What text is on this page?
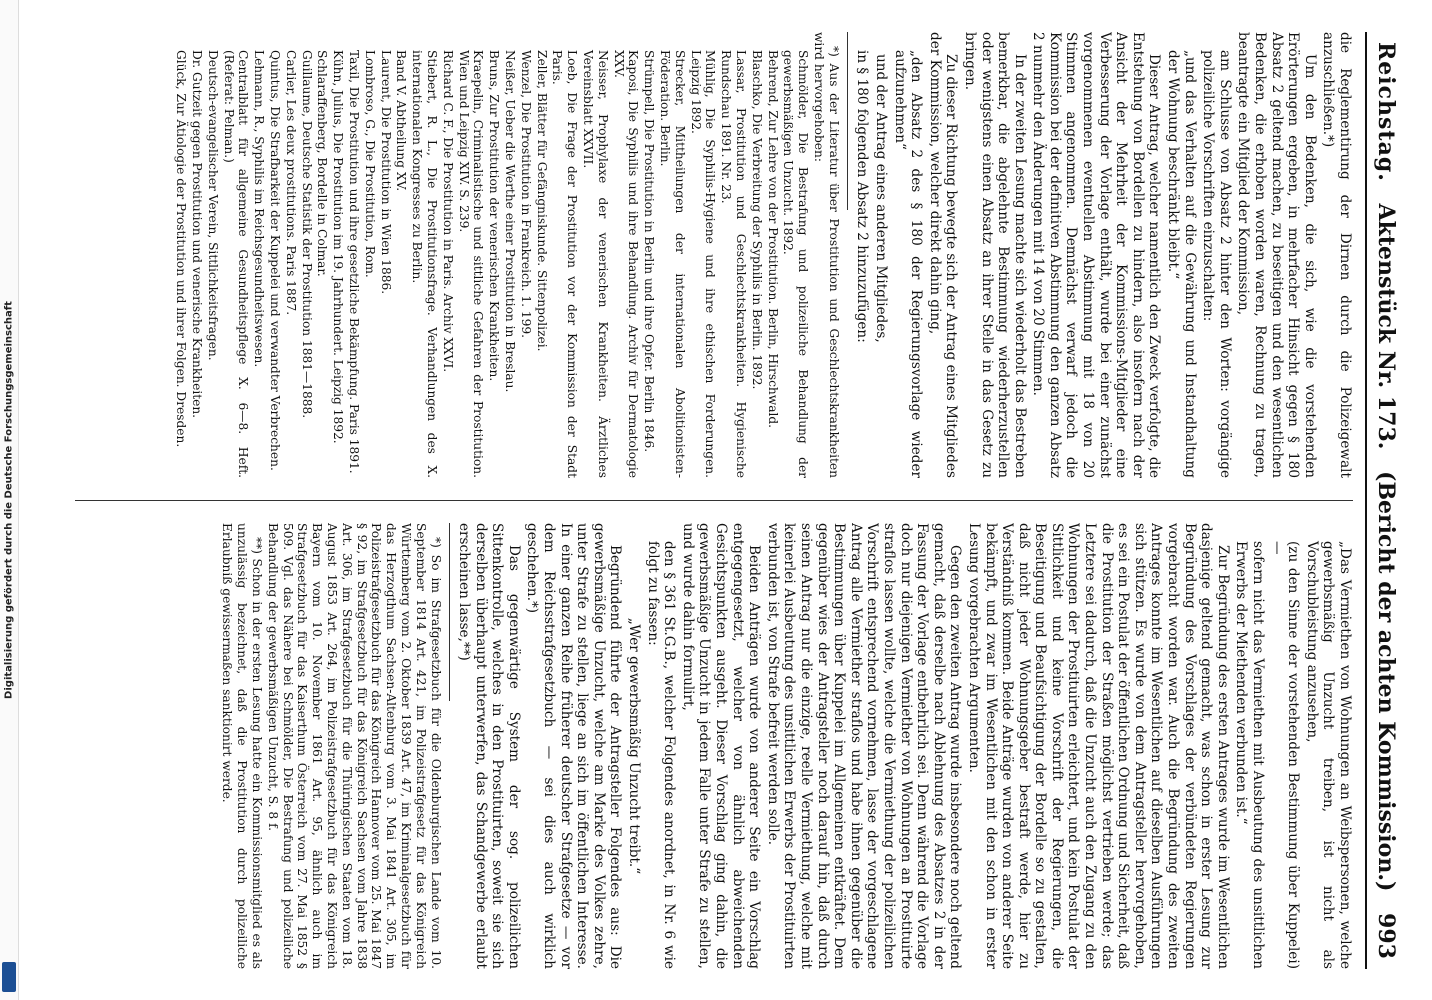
Digitalisierung gefördert durch die Deutsche Forschungsgemeinschaft
Reichstag.
Aktenstück Nr. 173.
(Bericht der achten Kommission.)
993

die Reglementirung der Dirnen durch die Polizeigewalt anzuschließen.*)

Um den Bedenken, die sich, wie die vorstehenden Erörterungen ergeben, in mehrfacher Hinsicht gegen § 180 Absatz 2 geltend machen, zu beseitigen und den wesentlichen Bedenken, die erhoben worden waren, Rechnung zu tragen, beantragte ein Mitglied der Kommission,

am Schlusse von Absatz 2 hinter den Worten: vorgängige polizeiliche Vorschriften einzuschalten:

„und das Verhalten auf die Gewährung und Instandhaltung der Wohnung beschränkt bleibt.“

Dieser Antrag, welcher namentlich den Zweck verfolgte, die Entstehung von Bordellen zu hindern, also insofern nach der Ansicht der Mehrheit der Kommissions-Mitglieder eine Verbesserung der Vorlage enthält, wurde bei einer zunächst vorgenommenen eventuellen Abstimmung mit 18 von 20 Stimmen angenommen. Demnächst verwarf jedoch die Kommission bei der definitiven Abstimmung den ganzen Absatz 2 nunmehr den Änderungen mit 14 von 20 Stimmen.

In der zweiten Lesung machte sich wiederholt das Bestreben bemerkbar, die abgelehnte Bestimmung wiederherzustellen oder wenigstens einen Absatz an ihrer Stelle in das Gesetz zu bringen.

Zu dieser Richtung bewegte sich der Antrag eines Mitgliedes der Kommission, welcher direkt dahin ging,

„den Absatz 2 des § 180 der Regierungsvorlage wieder aufzunehmen“

und der Antrag eines anderen Mitgliedes,

in § 180 folgenden Absatz 2 hinzuzufügen:

*) Aus der Literatur über Prostitution und Geschlechtskrankheiten wird hervorgehoben:

Schmölder, Die Bestrafung und polizeiliche Behandlung der gewerbsmäßigen Unzucht. 1892.

Behrend, Zur Lehre von der Prostitution. Berlin, Hirschwald.

Blaschko, Die Verbreitung der Syphilis in Berlin. 1892.

Lassar, Prostitution und Geschlechtskrankheiten. Hygienische Rundschau 1891. Nr. 23.

Mühlig, Die Syphilis-Hygiene und ihre ethischen Forderungen. Leipzig 1892.

Strecker, Mittheilungen der internationalen Abolitionisten-Föderation. Berlin.

Strümpell, Die Prostitution in Berlin und ihre Opfer. Berlin 1846.

Kaposi, Die Syphilis und ihre Behandlung. Archiv für Dermatologie XXV.

Neisser, Prophylaxe der venerischen Krankheiten. Ärztliches Vereinsblatt XXVII.

Loeb, Die Frage der Prostitution vor der Kommission der Stadt Paris.

Zeller, Blätter für Gefängniskunde. Sittenpolizei.

Wenzel, Die Prostitution in Frankreich. 1. 199.

Neißer, Ueber die Werthe einer Prostitution in Breslau.

Bruns, Zur Prostitution der venerischen Krankheiten.

Kraepelin, Criminalistische und sittliche Gefahren der Prostitution. Wien und Leipzig XIV. S. 239.

Richard C. F., Die Prostitution in Paris. Archiv XXVI.

Stiebert, R. L., Die Prostitutionsfrage. Verhandlungen des X. internationalen Kongresses zu Berlin.

Band V. Abtheilung XV.

Laurent, Die Prostitution in Wien 1886.

Lombroso, G., Die Prostitution, Rom.

Taxil, Die Prostitution und ihre gesetzliche Bekämpfung. Paris 1891.

Kühn, Julius, Die Prostitution im 19. Jahrhundert. Leipzig 1892.

Schlaraffenberg, Bordelle in Colmar.

Guillaume, Deutsche Statistik der Prostitution 1881—1888.

Carlier, Les deux prostitutions. Paris 1887.

Quintus, Die Strafbarkeit der Kuppelei und verwandter Verbrechen.

Lehmann, R., Syphilis im Reichsgesundheitswesen.

Centralblatt für allgemeine Gesundheitspflege X. 6—8. Heft. (Referat: Pelman.)

Deutsch-evangelischer Verein, Sittlichkeitsfragen.

Dr. Gutzeit gegen Prostitution und venerische Krankheiten.

Glück, Zur Ätiologie der Prostitution und ihrer Folgen. Dresden.

„Das Vermiethen von Wohnungen an Weibspersonen, welche gewerbsmäßig Unzucht treiben, ist nicht als Vorschubleistung anzusehen,

(zu den Sinne der vorstehenden Bestimmung über Kuppelei) —

sofern nicht das Vermiethen mit Ausbeutung des unsittlichen Erwerbs der Miethenden verbunden ist.“

Zur Begründung des ersten Antrages wurde im Wesentlichen dasjenige geltend gemacht, was schon in erster Lesung zur Begründung des Vorschlages der verbündeten Regierungen vorgebracht worden war. Auch die Begründung des zweiten Antrages konnte im Wesentlichen auf dieselben Ausführungen sich stützen. Es wurde von dem Antragsteller hervorgehoben, es sei ein Postulat der öffentlichen Ordnung und Sicherheit, daß die Prostitution der Straßen möglichst vertrieben werde; das Letztere sei dadurch, daß die Unzucht auch den Zugang zu den Wohnungen der Prostituirten erleichtert, und kein Postulat der Sittlichkeit und keine Vorschrift der Regierungen, die Beseitigung und Beaufsichtigung der Bordelle so zu gestalten, daß nicht jeder Wohnungsgeber bestraft werde, hier zu Verständniß kommen. Beide Anträge wurden von anderer Seite bekämpft, und zwar im Wesentlichen mit den schon in erster Lesung vorgebrachten Argumenten.

Gegen den zweiten Antrag wurde insbesondere noch geltend gemacht, daß derselbe nach Ablehnung des Absatzes 2 in der Fassung der Vorlage entbehrlich sei. Denn während die Vorlage doch nur diejenigen Vermiether von Wohnungen an Prostituirte straflos lassen wollte, welche die Vermiethung der polizeilichen Vorschrift entsprechend vornehmen, lasse der vorgeschlagene Antrag alle Vermiether straflos und habe ihnen gegenüber die Bestimmungen über Kuppelei im Allgemeinen entkräftet. Dem gegenüber wies der Antragsteller noch darauf hin, daß durch seinen Antrag nur die einzige, reelle Vermiethung, welche mit keinerlei Ausbeutung des unsittlichen Erwerbs der Prostituirten verbunden ist, von Strafe befreit werden solle.

Beiden Anträgen wurde von anderer Seite ein Vorschlag entgegengesetzt, welcher von ähnlich abweichenden Gesichtspunkten ausgeht. Dieser Vorschlag ging dahin, die gewerbsmäßige Unzucht in jedem Falle unter Strafe zu stellen, und wurde dahin formulirt,

den § 361 St.G.B., welcher Folgendes anordnet, in Nr. 6 wie folgt zu fassen:

„Wer gewerbsmäßig Unzucht treibt.“

Begründend führte der Antragsteller Folgendes aus: Die gewerbsmäßige Unzucht, welche am Marke des Volkes zehre, unter Strafe zu stellen, liege an sich im öffentlichen Interesse. In einer ganzen Reihe früherer deutscher Strafgesetze — vor dem Reichsstrafgesetzbuch — sei dies auch wirklich geschehen.*)

Das gegenwärtige System der sog. polizeilichen Sittenkontrolle, welches in den Prostituirten, soweit sie sich derselben überhaupt unterwerfen, das Schandgewerbe erlaubt erscheinen lasse,**)

*) So im Strafgesetzbuch für die Oldenburgischen Lande vom 10. September 1814 Art. 421, im Polizeistrafgesetz für das Königreich Württemberg vom 2. Oktober 1839 Art. 47, im Kriminalgesetzbuch für das Herzogthum Sachsen-Altenburg vom 3. Mai 1841 Art. 305, im Polizeistrafgesetzbuch für das Königreich Hannover vom 25. Mai 1847 § 92, im Strafgesetzbuch für das Königreich Sachsen vom Jahre 1838 Art. 306, im Strafgesetzbuch für die Thüringischen Staaten vom 18. August 1853 Art. 264, im Polizeistrafgesetzbuch für das Königreich Bayern vom 10. November 1861 Art. 95, ähnlich auch im Strafgesetzbuch für das Kaiserthum Österreich vom 27. Mai 1852 § 509. Vgl. das Nähere bei Schmölder, Die Bestrafung und polizeiliche Behandlung der gewerbsmäßigen Unzucht, S. 8 f.

**) Schon in der ersten Lesung hatte ein Kommissionsmitglied es als unzulässig bezeichnet, daß die Prostitution durch polizeiliche Erlaubniß gewissermaßen sanktionirt werde.
